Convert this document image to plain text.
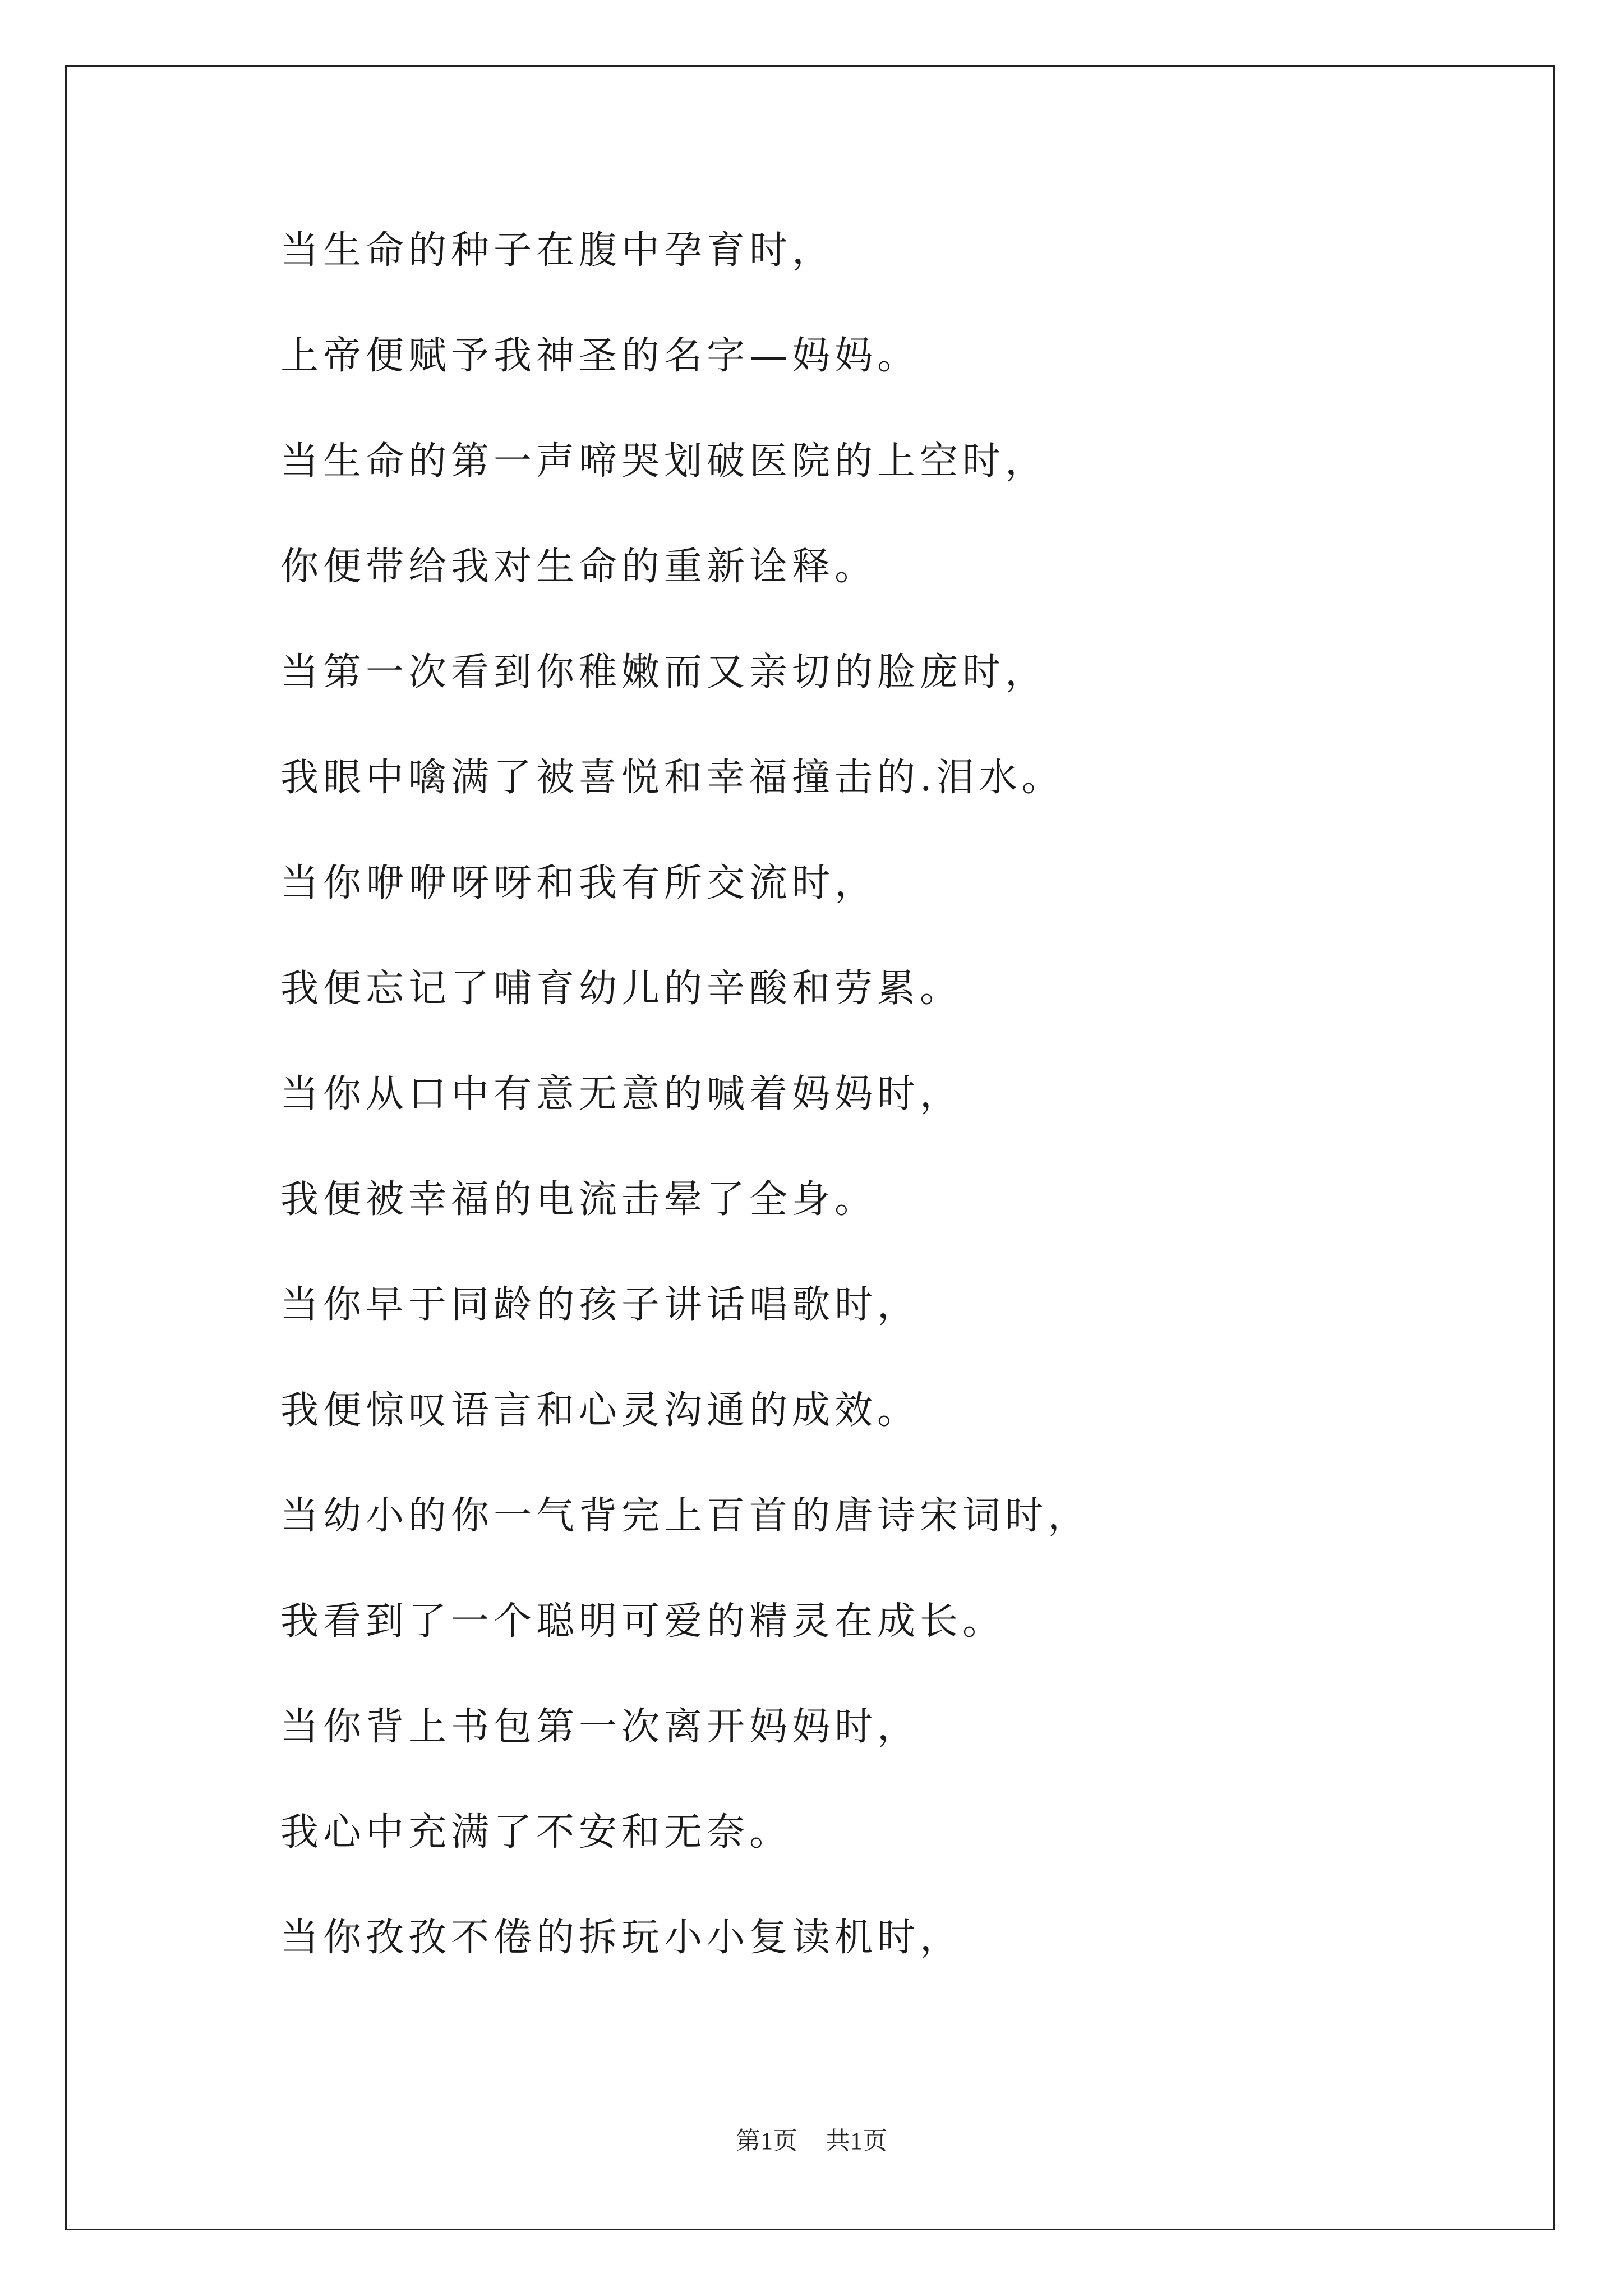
当生命的种子在腹中孕育时，

上帝便赋予我神圣的名字—妈妈。

当生命的第一声啼哭划破医院的上空时，

你便带给我对生命的重新诠释。

当第一次看到你稚嫩而又亲切的脸庞时，

我眼中噙满了被喜悦和幸福撞击的.泪水。

当你咿咿呀呀和我有所交流时，

我便忘记了哺育幼儿的辛酸和劳累。

当你从口中有意无意的喊着妈妈时，

我便被幸福的电流击晕了全身。

当你早于同龄的孩子讲话唱歌时，

我便惊叹语言和心灵沟通的成效。

当幼小的你一气背完上百首的唐诗宋词时，

我看到了一个聪明可爱的精灵在成长。

当你背上书包第一次离开妈妈时，

我心中充满了不安和无奈。

当你孜孜不倦的拆玩小小复读机时，

第1页 共1页
